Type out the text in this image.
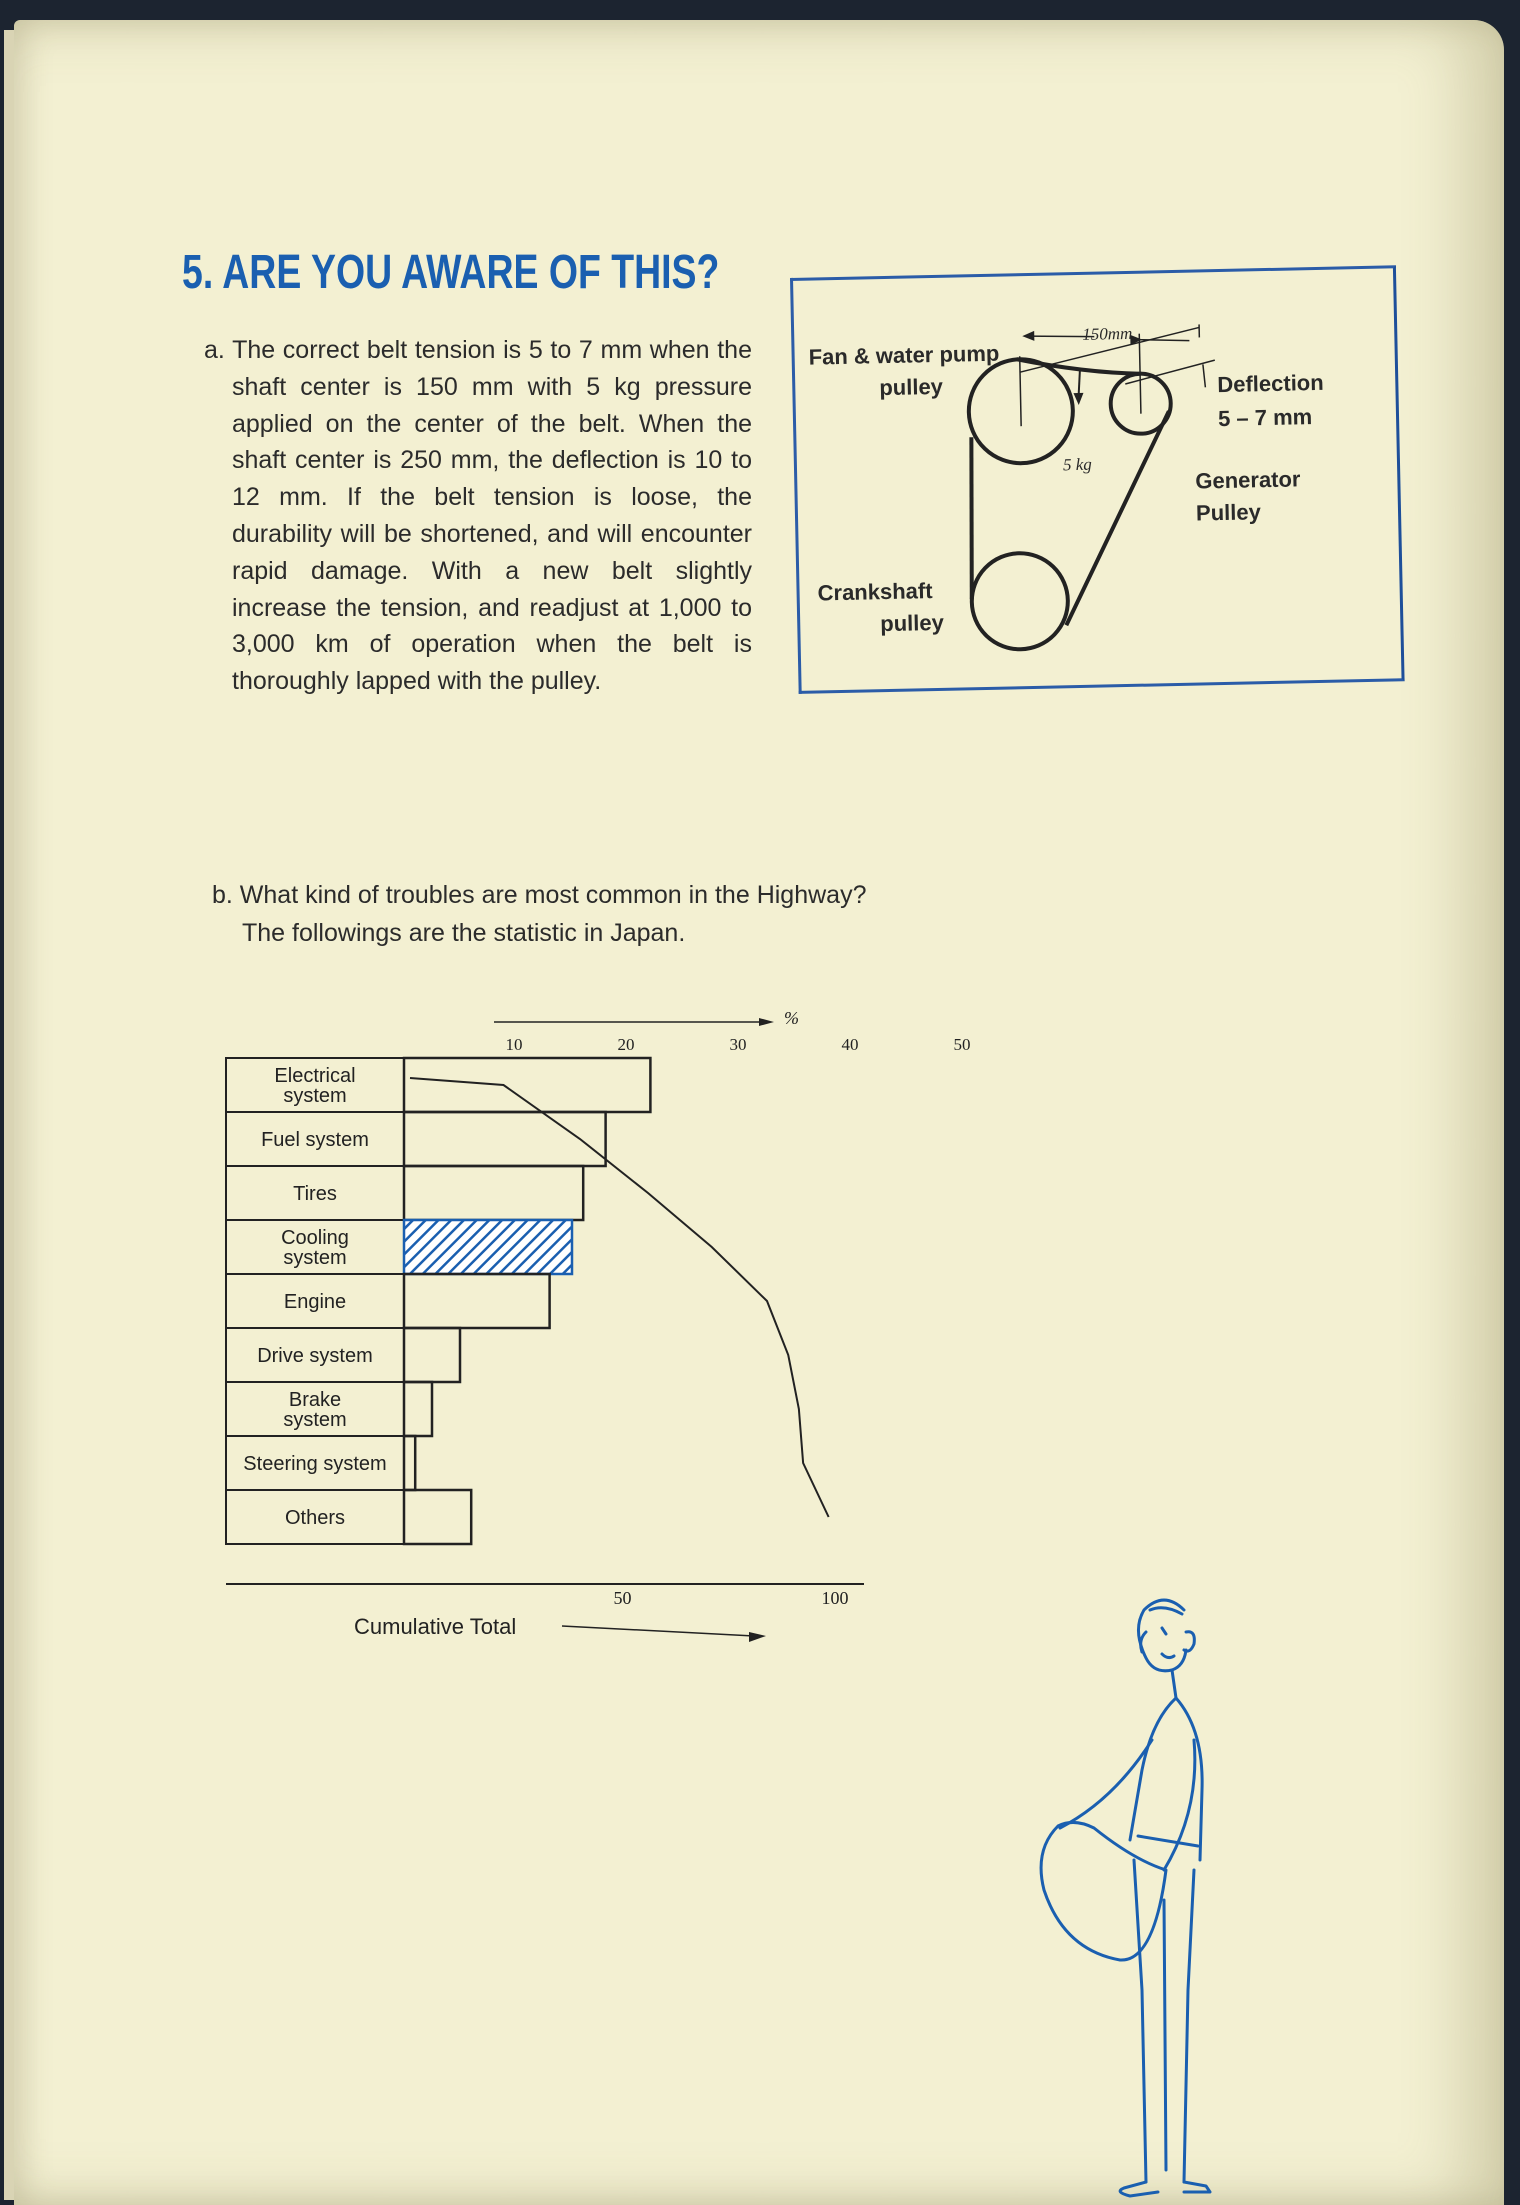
5. ARE YOU AWARE OF THIS?
a. The correct belt tension is 5 to 7 mm when the shaft center is 150 mm with 5 kg pressure applied on the center of the belt. When the shaft center is 250 mm, the deflection is 10 to 12 mm. If the belt tension is loose, the durability will be shortened, and will encounter rapid damage. With a new belt slightly increase the tension, and readjust at 1,000 to 3,000 km of operation when the belt is thoroughly lapped with the pulley.
Fan & water pump
pulley
150mm
Deflection
5 – 7 mm
5 kg
Generator
Pulley
Crankshaft
pulley
b. What kind of troubles are most common in the Highway?
The followings are the statistic in Japan.
%
10	20	30	40	50
Electrical
system
Fuel system
Tires
Cooling
system
Engine
Drive system
Brake
system
Steering system
Others
50	100
Cumulative Total
